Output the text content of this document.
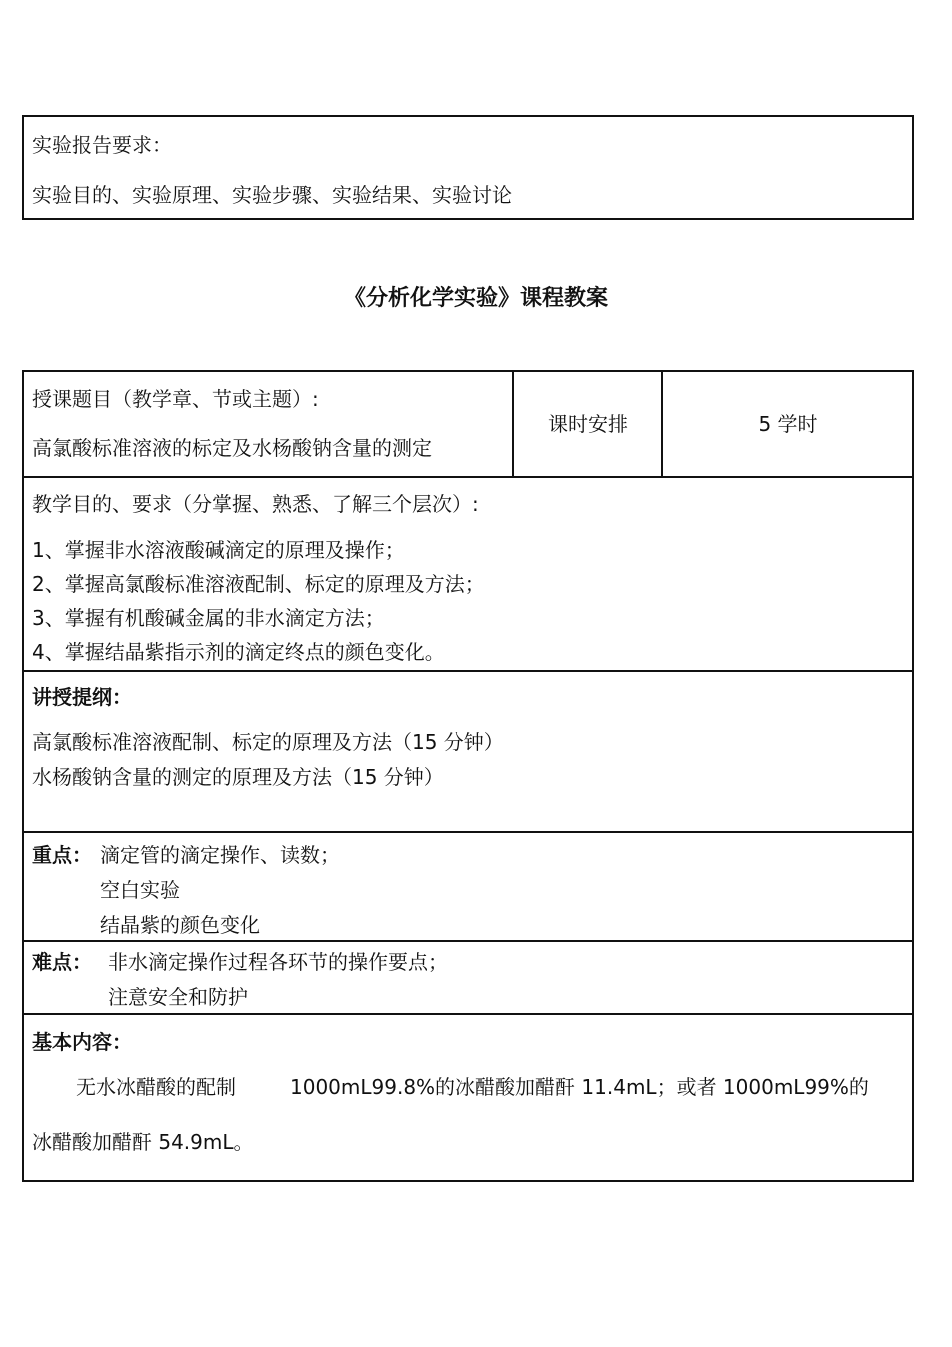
实验报告要求：
实验目的、实验原理、实验步骤、实验结果、实验讨论
《分析化学实验》课程教案
授课题目（教学章、节或主题）:
高氯酸标准溶液的标定及水杨酸钠含量的测定
课时安排	5 学时
教学目的、要求（分掌握、熟悉、了解三个层次）:
1、掌握非水溶液酸碱滴定的原理及操作；
2、掌握高氯酸标准溶液配制、标定的原理及方法；
3、掌握有机酸碱金属的非水滴定方法；
4、掌握结晶紫指示剂的滴定终点的颜色变化。
讲授提纲：
高氯酸标准溶液配制、标定的原理及方法（15 分钟）
水杨酸钠含量的测定的原理及方法（15 分钟）
重点： 滴定管的滴定操作、读数；
空白实验
结晶紫的颜色变化
难点： 非水滴定操作过程各环节的操作要点；
注意安全和防护
基本内容：
无水冰醋酸的配制	1000mL99.8%的冰醋酸加醋酐 11.4mL；或者 1000mL99%的
冰醋酸加醋酐 54.9mL。
